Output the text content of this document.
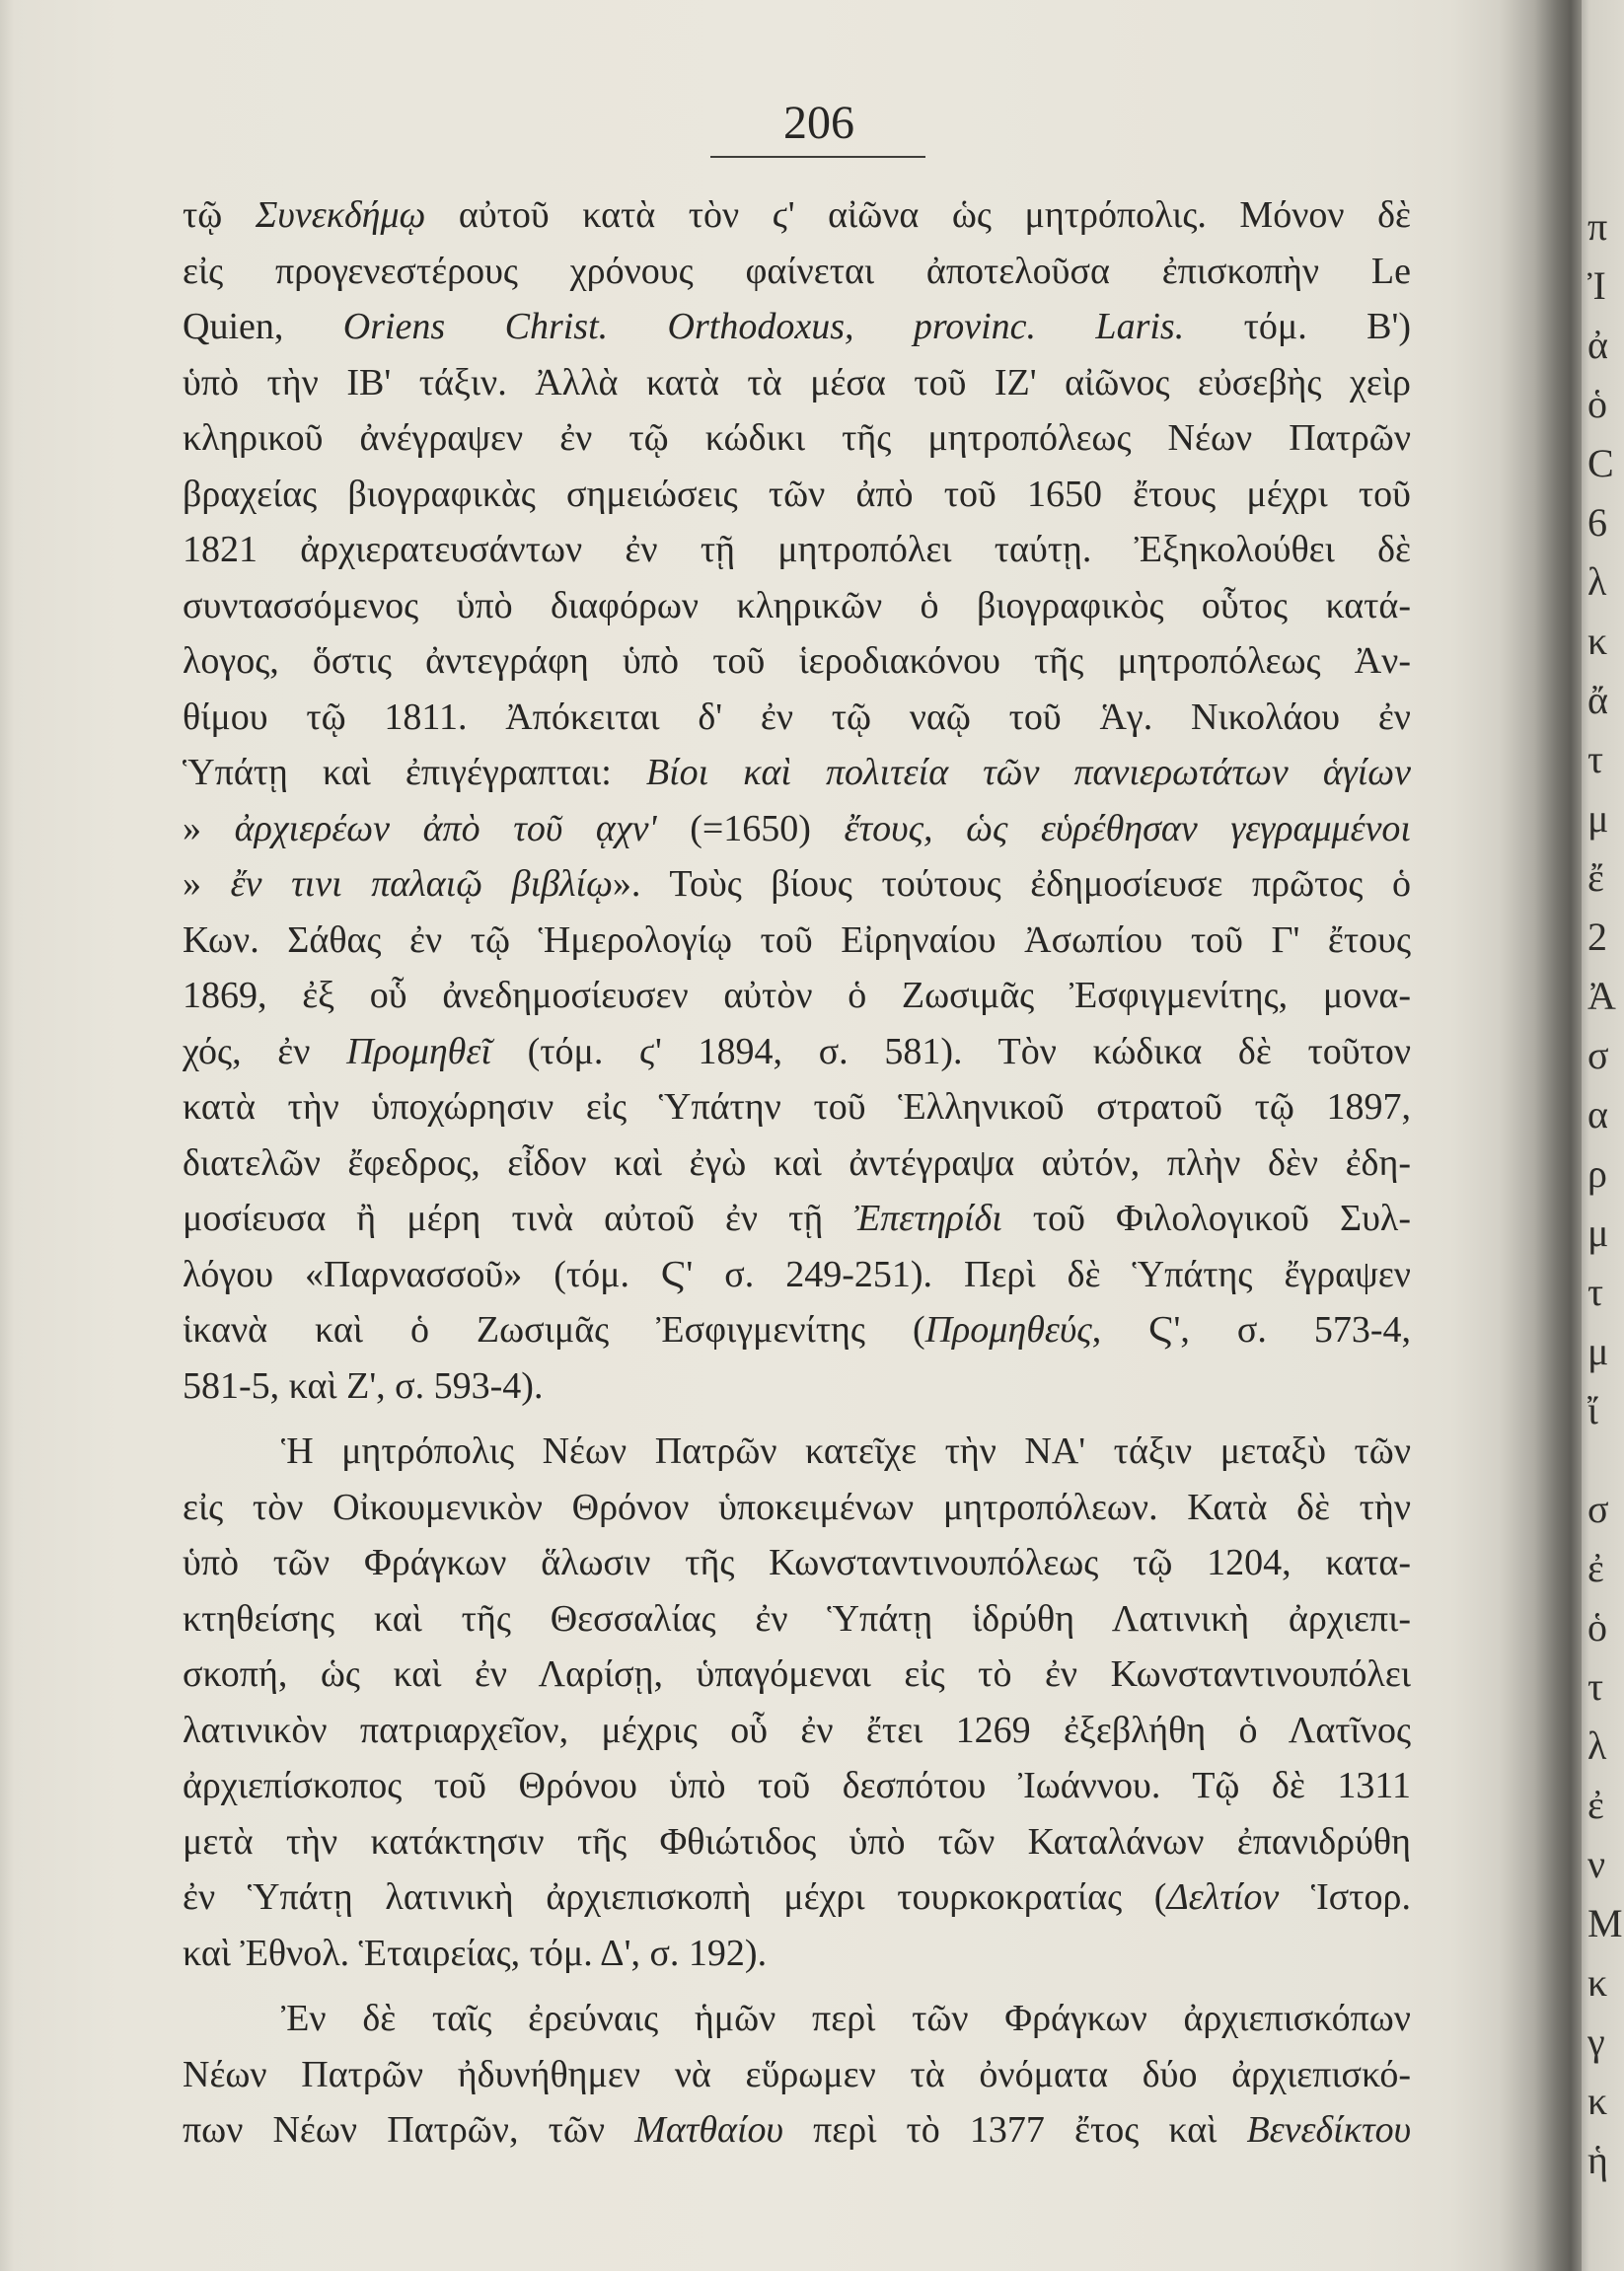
206
τῷ Συνεκδήμῳ αὐτοῦ κατὰ τὸν ϛ' αἰῶνα ὡς μητρόπολις. Μόνον δὲ
εἰς προγενεστέρους χρόνους φαίνεται ἀποτελοῦσα ἐπισκοπὴν Le
Quien, Oriens Christ. Orthodoxus, provinc. Laris. τόμ. Β')
ὑπὸ τὴν ΙΒ' τάξιν. Ἀλλὰ κατὰ τὰ μέσα τοῦ ΙΖ' αἰῶνος εὐσεβὴς χεὶρ
κληρικοῦ ἀνέγραψεν ἐν τῷ κώδικι τῆς μητροπόλεως Νέων Πατρῶν
βραχείας βιογραφικὰς σημειώσεις τῶν ἀπὸ τοῦ 1650 ἔτους μέχρι τοῦ
1821 ἀρχιερατευσάντων ἐν τῇ μητροπόλει ταύτῃ. Ἐξηκολούθει δὲ
συντασσόμενος ὑπὸ διαφόρων κληρικῶν ὁ βιογραφικὸς οὗτος κατά-
λογος, ὅστις ἀντεγράφη ὑπὸ τοῦ ἱεροδιακόνου τῆς μητροπόλεως Ἀν-
θίμου τῷ 1811. Ἀπόκειται δ' ἐν τῷ ναῷ τοῦ Ἁγ. Νικολάου ἐν
Ὑπάτῃ καὶ ἐπιγέγραπται: Βίοι καὶ πολιτεία τῶν πανιερωτάτων ἁγίων
» ἀρχιερέων ἀπὸ τοῦ ᾳχν' (=1650) ἔτους, ὡς εὑρέθησαν γεγραμμένοι
» ἔν τινι παλαιῷ βιβλίῳ». Τοὺς βίους τούτους ἐδημοσίευσε πρῶτος ὁ
Κων. Σάθας ἐν τῷ Ἡμερολογίῳ τοῦ Εἰρηναίου Ἀσωπίου τοῦ Γ' ἔτους
1869, ἐξ οὗ ἀνεδημοσίευσεν αὐτὸν ὁ Ζωσιμᾶς Ἐσφιγμενίτης, μονα-
χός, ἐν Προμηθεῖ (τόμ. ϛ' 1894, σ. 581). Τὸν κώδικα δὲ τοῦτον
κατὰ τὴν ὑποχώρησιν εἰς Ὑπάτην τοῦ Ἑλληνικοῦ στρατοῦ τῷ 1897,
διατελῶν ἔφεδρος, εἶδον καὶ ἐγὼ καὶ ἀντέγραψα αὐτόν, πλὴν δὲν ἐδη-
μοσίευσα ἢ μέρη τινὰ αὐτοῦ ἐν τῇ Ἐπετηρίδι τοῦ Φιλολογικοῦ Συλ-
λόγου «Παρνασσοῦ» (τόμ. Ϛ' σ. 249-251). Περὶ δὲ Ὑπάτης ἔγραψεν
ἱκανὰ καὶ ὁ Ζωσιμᾶς Ἐσφιγμενίτης (Προμηθεύς, Ϛ', σ. 573-4,
581-5, καὶ Ζ', σ. 593-4).
Ἡ μητρόπολις Νέων Πατρῶν κατεῖχε τὴν ΝΑ' τάξιν μεταξὺ τῶν
εἰς τὸν Οἰκουμενικὸν Θρόνον ὑποκειμένων μητροπόλεων. Κατὰ δὲ τὴν
ὑπὸ τῶν Φράγκων ἅλωσιν τῆς Κωνσταντινουπόλεως τῷ 1204, κατα-
κτηθείσης καὶ τῆς Θεσσαλίας ἐν Ὑπάτῃ ἱδρύθη Λατινικὴ ἀρχιεπι-
σκοπή, ὡς καὶ ἐν Λαρίσῃ, ὑπαγόμεναι εἰς τὸ ἐν Κωνσταντινουπόλει
λατινικὸν πατριαρχεῖον, μέχρις οὗ ἐν ἔτει 1269 ἐξεβλήθη ὁ Λατῖνος
ἀρχιεπίσκοπος τοῦ Θρόνου ὑπὸ τοῦ δεσπότου Ἰωάννου. Τῷ δὲ 1311
μετὰ τὴν κατάκτησιν τῆς Φθιώτιδος ὑπὸ τῶν Καταλάνων ἐπανιδρύθη
ἐν Ὑπάτῃ λατινικὴ ἀρχιεπισκοπὴ μέχρι τουρκοκρατίας (Δελτίον Ἱστορ.
καὶ Ἐθνολ. Ἑταιρείας, τόμ. Δ', σ. 192).
Ἐν δὲ ταῖς ἐρεύναις ἡμῶν περὶ τῶν Φράγκων ἀρχιεπισκόπων
Νέων Πατρῶν ἠδυνήθημεν νὰ εὕρωμεν τὰ ὀνόματα δύο ἀρχιεπισκό-
πων Νέων Πατρῶν, τῶν Ματθαίου περὶ τὸ 1377 ἔτος καὶ Βενεδίκτου
π
Ἰ
ἀ
ὁ
C
6
λ
κ
ἄ
τ
μ
ἔ
2
Ἀ
σ
α
ρ
μ
τ
μ
ἴ
σ
ἐ
ὁ
τ
λ
ἐ
ν
Μ
κ
γ
κ
ἡ
